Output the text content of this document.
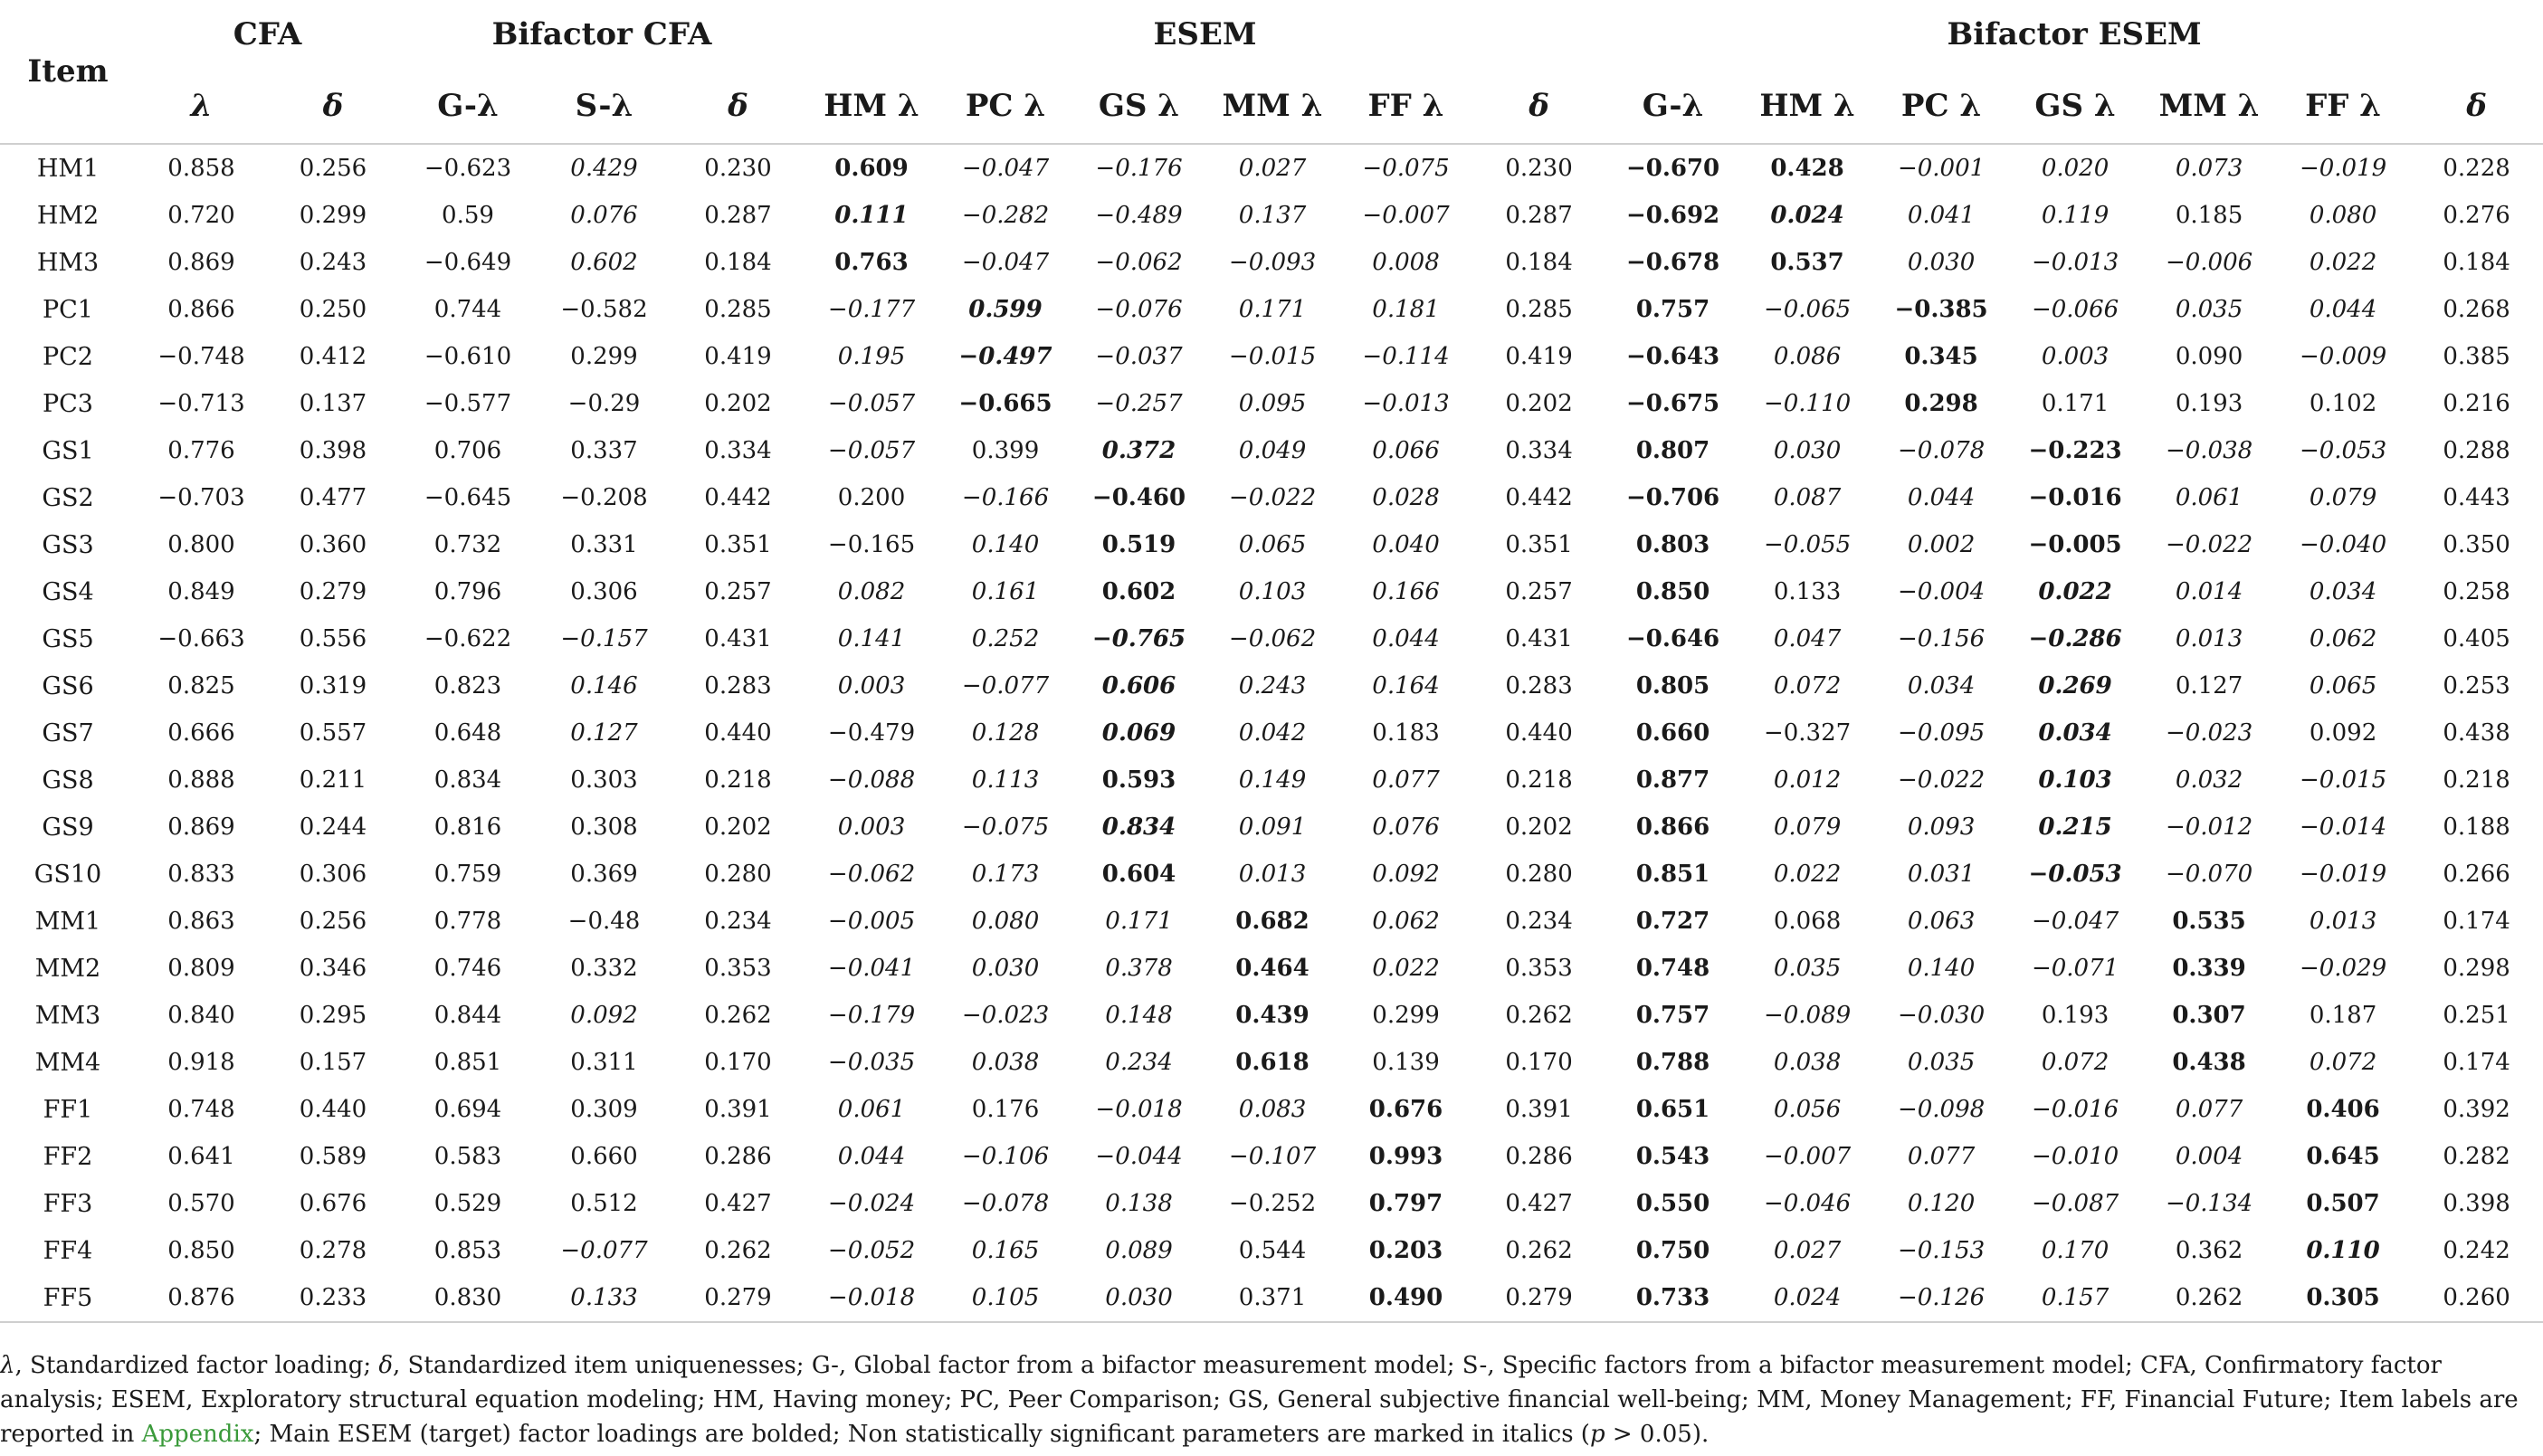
Item	CFA		Bifactor CFA			ESEM						Bifactor ESEM						
	λ	δ	G-λ	S-λ	δ	HM λ	PC λ	GS λ	MM λ	FF λ	δ	G-λ	HM λ	PC λ	GS λ	MM λ	FF λ	δ
HM1	0.858	0.256	−0.623	0.429	0.230	0.609	−0.047	−0.176	0.027	−0.075	0.230	−0.670	0.428	−0.001	0.020	0.073	−0.019	0.228
HM2	0.720	0.299	0.59	0.076	0.287	0.111	−0.282	−0.489	0.137	−0.007	0.287	−0.692	0.024	0.041	0.119	0.185	0.080	0.276
HM3	0.869	0.243	−0.649	0.602	0.184	0.763	−0.047	−0.062	−0.093	0.008	0.184	−0.678	0.537	0.030	−0.013	−0.006	0.022	0.184
PC1	0.866	0.250	0.744	−0.582	0.285	−0.177	0.599	−0.076	0.171	0.181	0.285	0.757	−0.065	−0.385	−0.066	0.035	0.044	0.268
PC2	−0.748	0.412	−0.610	0.299	0.419	0.195	−0.497	−0.037	−0.015	−0.114	0.419	−0.643	0.086	0.345	0.003	0.090	−0.009	0.385
PC3	−0.713	0.137	−0.577	−0.29	0.202	−0.057	−0.665	−0.257	0.095	−0.013	0.202	−0.675	−0.110	0.298	0.171	0.193	0.102	0.216
GS1	0.776	0.398	0.706	0.337	0.334	−0.057	0.399	0.372	0.049	0.066	0.334	0.807	0.030	−0.078	−0.223	−0.038	−0.053	0.288
GS2	−0.703	0.477	−0.645	−0.208	0.442	0.200	−0.166	−0.460	−0.022	0.028	0.442	−0.706	0.087	0.044	−0.016	0.061	0.079	0.443
GS3	0.800	0.360	0.732	0.331	0.351	−0.165	0.140	0.519	0.065	0.040	0.351	0.803	−0.055	0.002	−0.005	−0.022	−0.040	0.350
GS4	0.849	0.279	0.796	0.306	0.257	0.082	0.161	0.602	0.103	0.166	0.257	0.850	0.133	−0.004	0.022	0.014	0.034	0.258
GS5	−0.663	0.556	−0.622	−0.157	0.431	0.141	0.252	−0.765	−0.062	0.044	0.431	−0.646	0.047	−0.156	−0.286	0.013	0.062	0.405
GS6	0.825	0.319	0.823	0.146	0.283	0.003	−0.077	0.606	0.243	0.164	0.283	0.805	0.072	0.034	0.269	0.127	0.065	0.253
GS7	0.666	0.557	0.648	0.127	0.440	−0.479	0.128	0.069	0.042	0.183	0.440	0.660	−0.327	−0.095	0.034	−0.023	0.092	0.438
GS8	0.888	0.211	0.834	0.303	0.218	−0.088	0.113	0.593	0.149	0.077	0.218	0.877	0.012	−0.022	0.103	0.032	−0.015	0.218
GS9	0.869	0.244	0.816	0.308	0.202	0.003	−0.075	0.834	0.091	0.076	0.202	0.866	0.079	0.093	0.215	−0.012	−0.014	0.188
GS10	0.833	0.306	0.759	0.369	0.280	−0.062	0.173	0.604	0.013	0.092	0.280	0.851	0.022	0.031	−0.053	−0.070	−0.019	0.266
MM1	0.863	0.256	0.778	−0.48	0.234	−0.005	0.080	0.171	0.682	0.062	0.234	0.727	0.068	0.063	−0.047	0.535	0.013	0.174
MM2	0.809	0.346	0.746	0.332	0.353	−0.041	0.030	0.378	0.464	0.022	0.353	0.748	0.035	0.140	−0.071	0.339	−0.029	0.298
MM3	0.840	0.295	0.844	0.092	0.262	−0.179	−0.023	0.148	0.439	0.299	0.262	0.757	−0.089	−0.030	0.193	0.307	0.187	0.251
MM4	0.918	0.157	0.851	0.311	0.170	−0.035	0.038	0.234	0.618	0.139	0.170	0.788	0.038	0.035	0.072	0.438	0.072	0.174
FF1	0.748	0.440	0.694	0.309	0.391	0.061	0.176	−0.018	0.083	0.676	0.391	0.651	0.056	−0.098	−0.016	0.077	0.406	0.392
FF2	0.641	0.589	0.583	0.660	0.286	0.044	−0.106	−0.044	−0.107	0.993	0.286	0.543	−0.007	0.077	−0.010	0.004	0.645	0.282
FF3	0.570	0.676	0.529	0.512	0.427	−0.024	−0.078	0.138	−0.252	0.797	0.427	0.550	−0.046	0.120	−0.087	−0.134	0.507	0.398
FF4	0.850	0.278	0.853	−0.077	0.262	−0.052	0.165	0.089	0.544	0.203	0.262	0.750	0.027	−0.153	0.170	0.362	0.110	0.242
FF5	0.876	0.233	0.830	0.133	0.279	−0.018	0.105	0.030	0.371	0.490	0.279	0.733	0.024	−0.126	0.157	0.262	0.305	0.260
λ, Standardized factor loading; δ, Standardized item uniquenesses; G-, Global factor from a bifactor measurement model; S-, Specific factors from a bifactor measurement model; CFA, Confirmatory factor analysis; ESEM, Exploratory structural equation modeling; HM, Having money; PC, Peer Comparison; GS, General subjective financial well-being; MM, Money Management; FF, Financial Future; Item labels are reported in Appendix; Main ESEM (target) factor loadings are bolded; Non statistically significant parameters are marked in italics (p > 0.05).
